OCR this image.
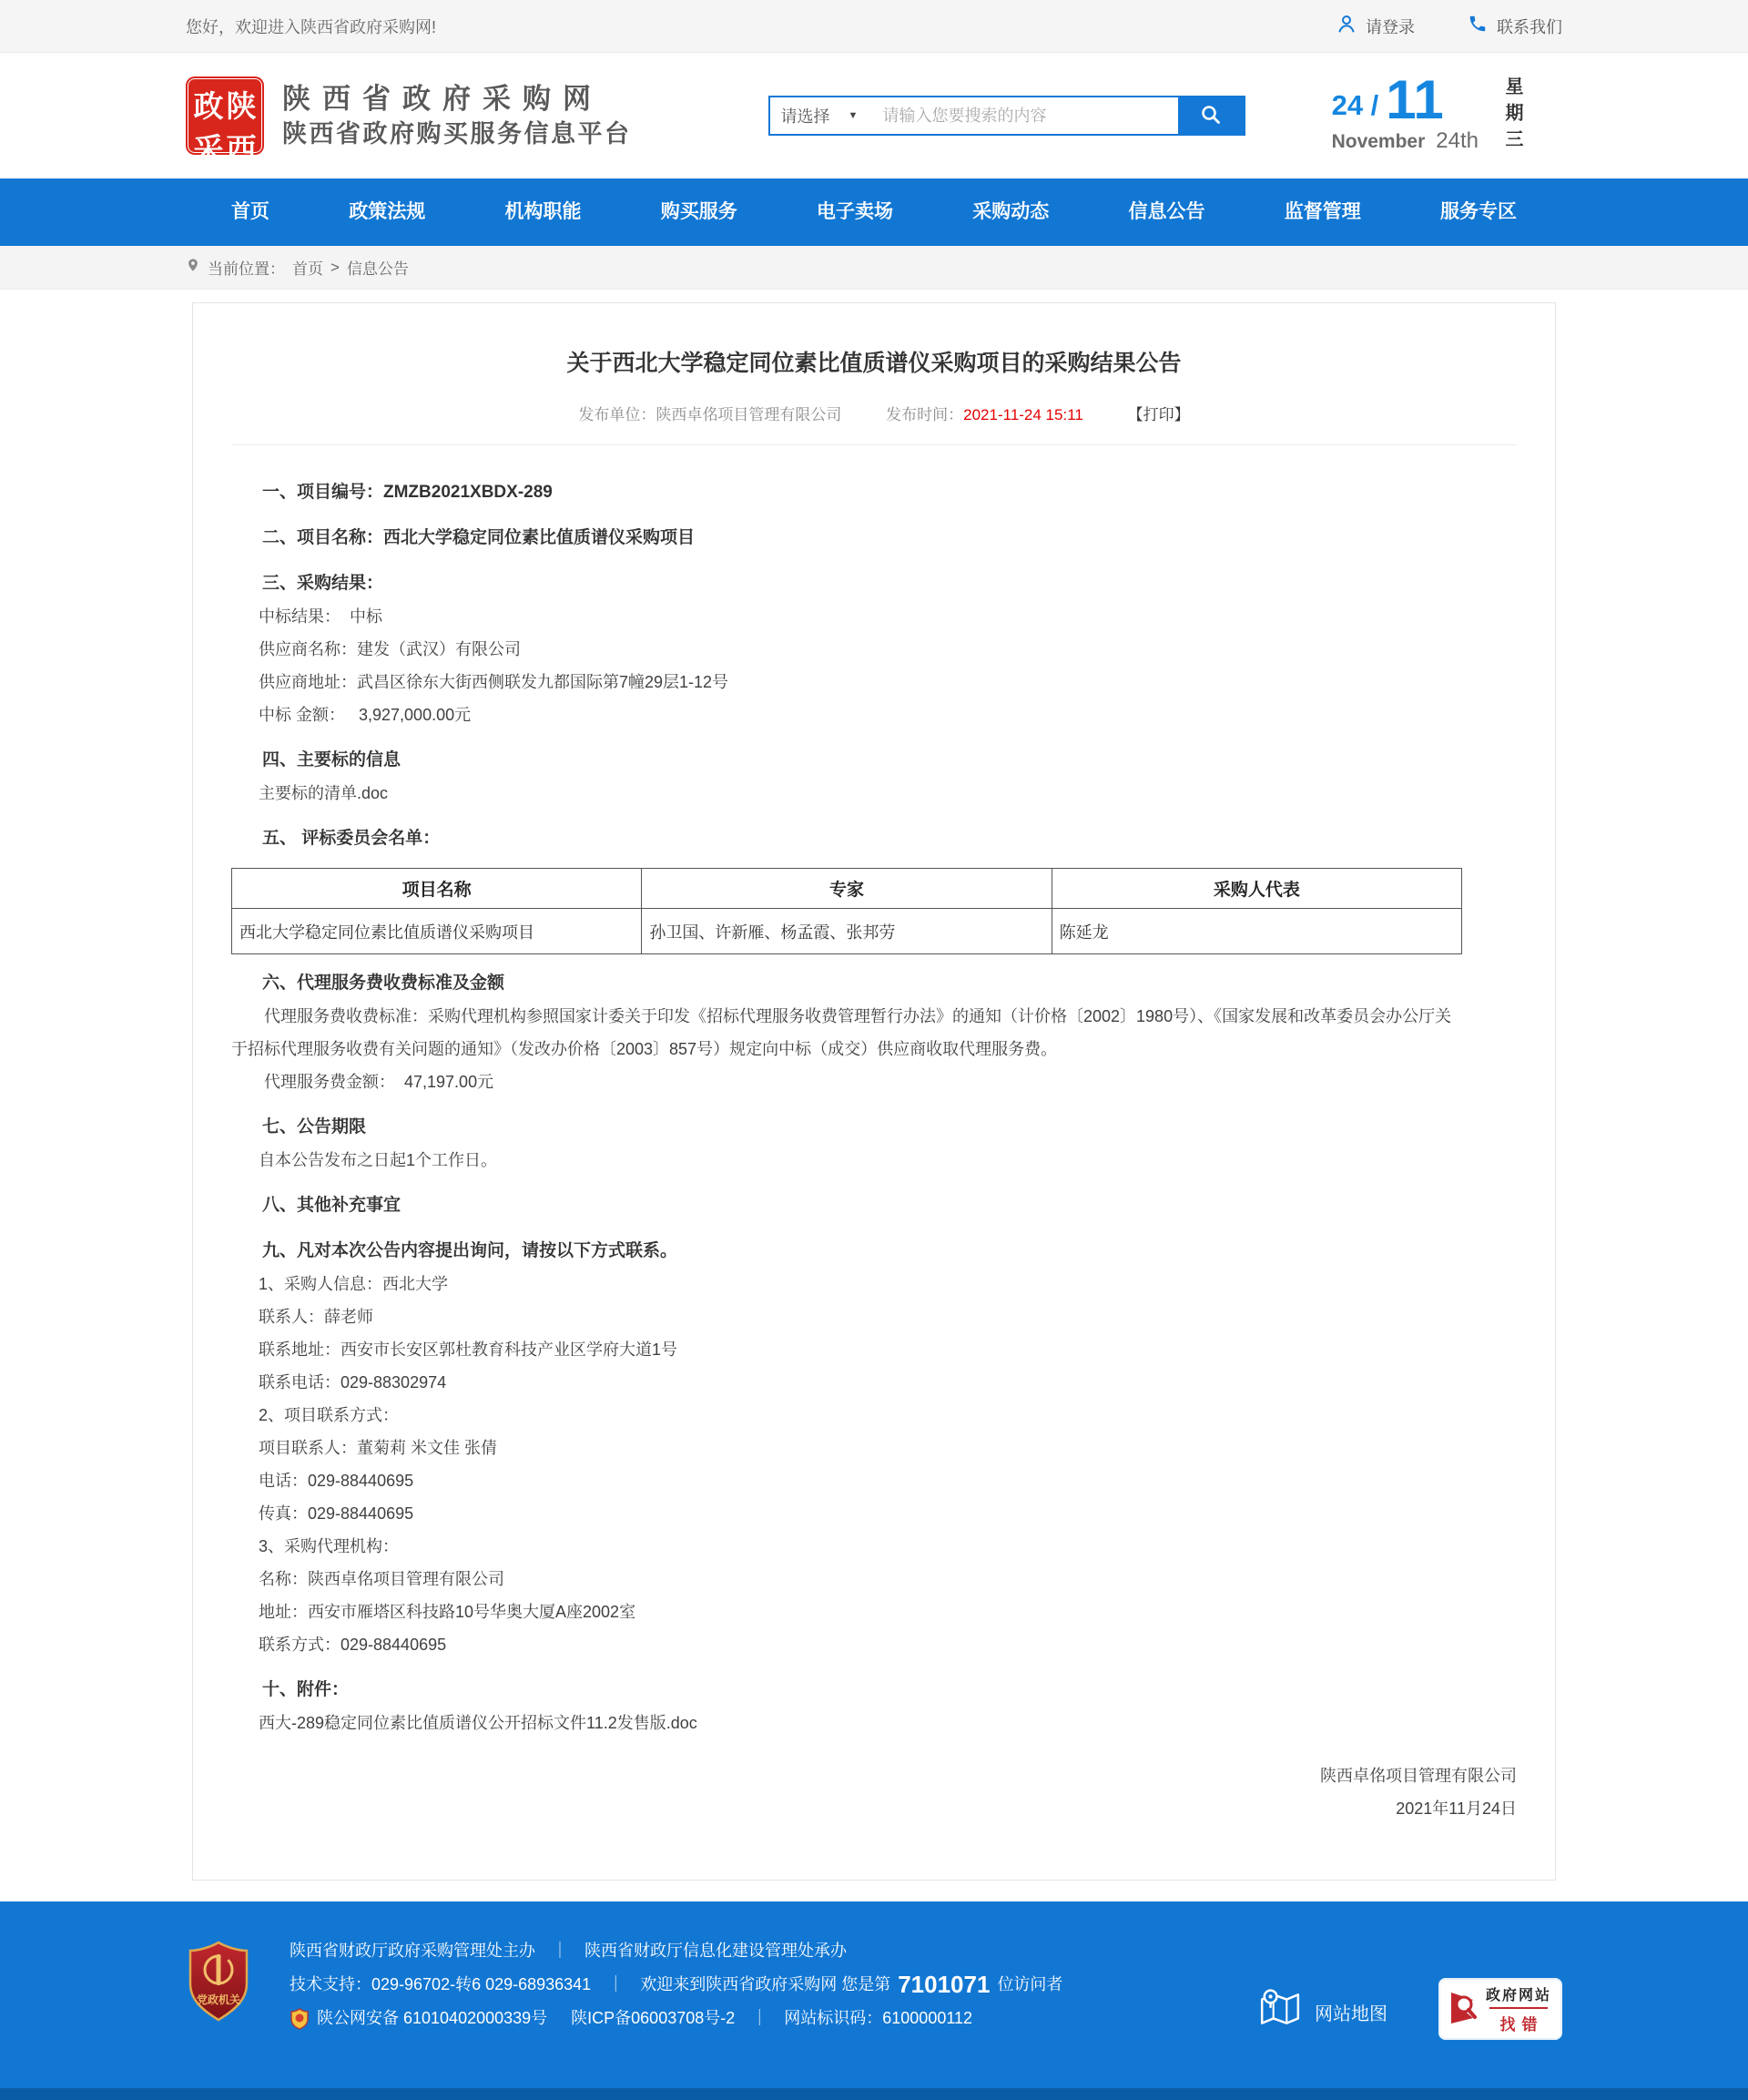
您好，欢迎进入陕西省政府采购网!	请登录	联系我们
政 陕
采 西
陕西省政府采购网
陕西省政府购买服务信息平台
请选择 ▼
请输入您要搜索的内容	24 / 11
November 24th 星期三
首页	政策法规	机构职能	购买服务	电子卖场	采购动态	信息公告	监督管理	服务专区
当前位置： 首页 > 信息公告
关于西北大学稳定同位素比值质谱仪采购项目的采购结果公告
发布单位：陕西卓佲项目管理有限公司	发布时间：2021-11-24 15:11	【打印】
一、项目编号：ZMZB2021XBDX-289
二、项目名称：西北大学稳定同位素比值质谱仪采购项目
三、采购结果：
中标结果：  中标
供应商名称：建发（武汉）有限公司
供应商地址：武昌区徐东大街西侧联发九都国际第7幢29层1-12号
中标 金额：   3,927,000.00元
四、主要标的信息
主要标的清单.doc
五、 评标委员会名单：
项目名称	专家	采购人代表
西北大学稳定同位素比值质谱仪采购项目	孙卫国、许新雁、杨孟霞、张邦劳	陈延龙
六、代理服务费收费标准及金额
代理服务费收费标准：采购代理机构参照国家计委关于印发《招标代理服务收费管理暂行办法》的通知（计价格〔2002〕1980号）、《国家发展和改革委员会办公厅关于招标代理服务收费有关问题的通知》（发改办价格〔2003〕857号）规定向中标（成交）供应商收取代理服务费。
代理服务费金额：  47,197.00元
七、公告期限
自本公告发布之日起1个工作日。
八、其他补充事宜
九、凡对本次公告内容提出询问，请按以下方式联系。
1、采购人信息：西北大学
联系人：薛老师
联系地址：西安市长安区郭杜教育科技产业区学府大道1号
联系电话：029-88302974
2、项目联系方式：
项目联系人：董菊莉 米文佳 张倩
电话：029-88440695
传真：029-88440695
3、采购代理机构：
名称：陕西卓佲项目管理有限公司
地址：西安市雁塔区科技路10号华奥大厦A座2002室
联系方式：029-88440695
十、附件：
西大-289稳定同位素比值质谱仪公开招标文件11.2发售版.doc
陕西卓佲项目管理有限公司
2021年11月24日
党政机关
陕西省财政厅政府采购管理处主办 ｜ 陕西省财政厅信息化建设管理处承办
技术支持：029-96702-转6 029-68936341 ｜ 欢迎来到陕西省政府采购网 您是第 7101071 位访问者
陕公网安备 61010402000339号 陕ICP备06003708号-2 ｜ 网站标识码：6100000112	网站地图
政府网站
找错
